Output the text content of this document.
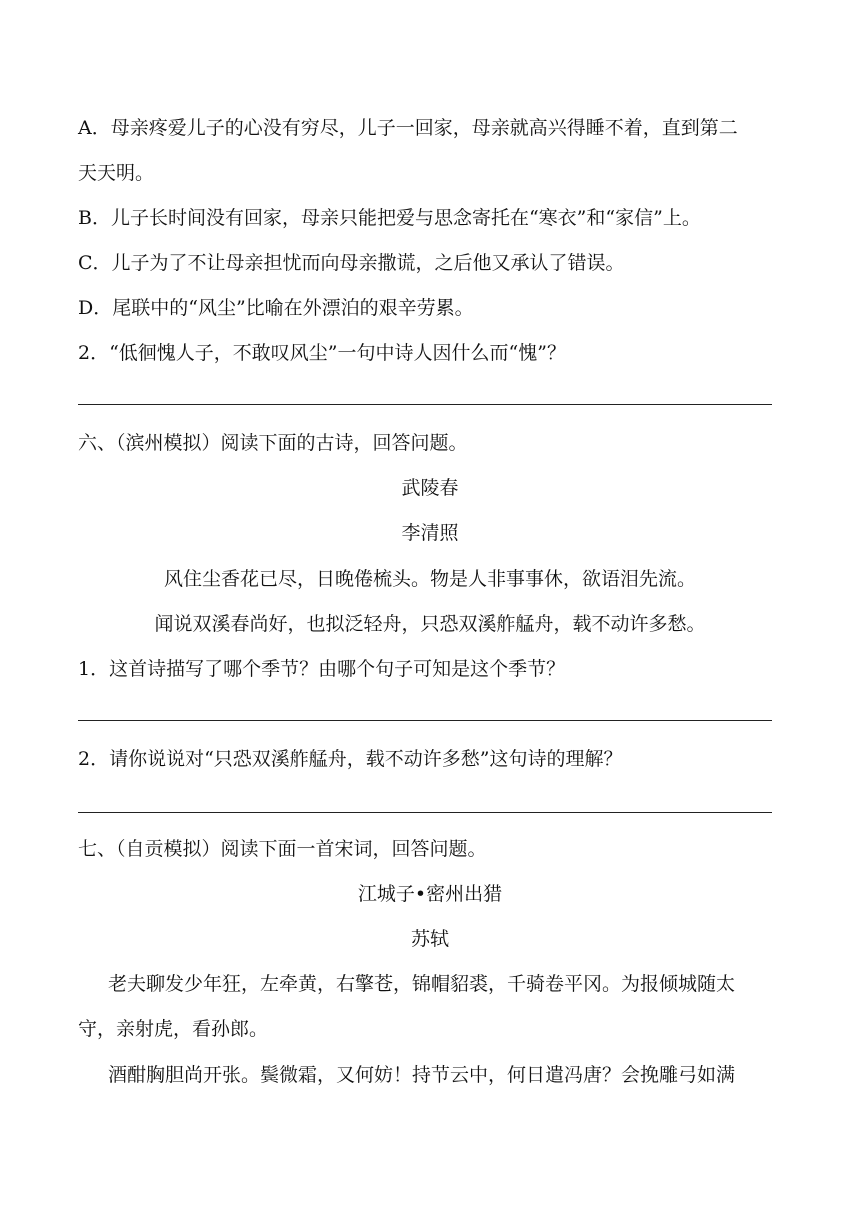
A．母亲疼爱儿子的心没有穷尽，儿子一回家，母亲就高兴得睡不着，直到第二
天天明。
B．儿子长时间没有回家，母亲只能把爱与思念寄托在“寒衣”和“家信”上。
C．儿子为了不让母亲担忧而向母亲撒谎，之后他又承认了错误。
D．尾联中的“风尘”比喻在外漂泊的艰辛劳累。
2．“低徊愧人子，不敢叹风尘”一句中诗人因什么而“愧”？
六、（滨州模拟）阅读下面的古诗，回答问题。
武陵春
李清照
风住尘香花已尽，日晚倦梳头。物是人非事事休，欲语泪先流。
闻说双溪春尚好，也拟泛轻舟，只恐双溪舴艋舟，载不动许多愁。
1．这首诗描写了哪个季节？由哪个句子可知是这个季节？
2．请你说说对“只恐双溪舴艋舟，载不动许多愁”这句诗的理解？
七、（自贡模拟）阅读下面一首宋词，回答问题。
江城子•密州出猎
苏轼
老夫聊发少年狂，左牵黄，右擎苍，锦帽貂裘，千骑卷平冈。为报倾城随太
守，亲射虎，看孙郎。
酒酣胸胆尚开张。鬓微霜，又何妨！持节云中，何日遣冯唐？会挽雕弓如满
